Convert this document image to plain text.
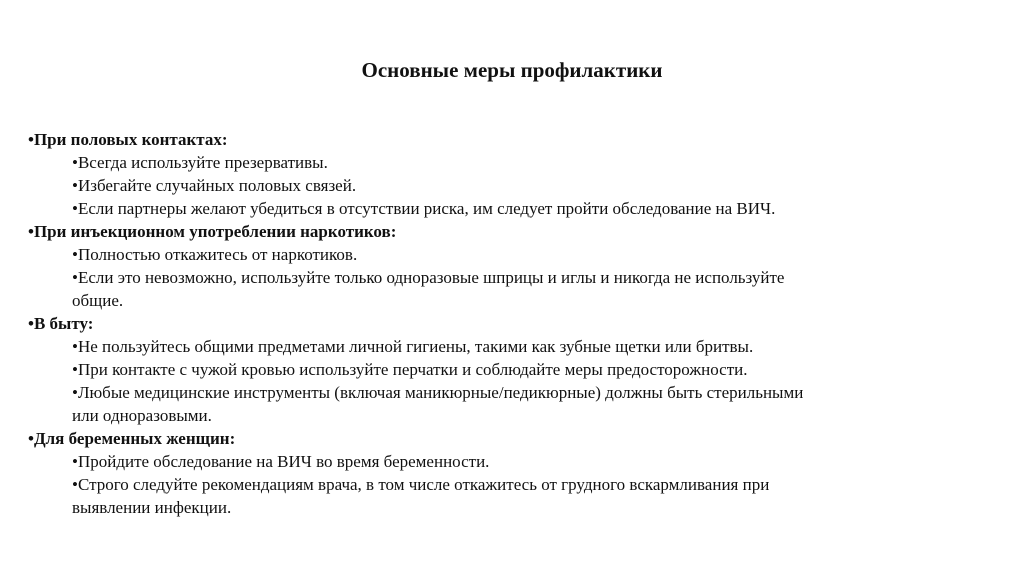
Основные меры профилактики
•При половых контактах:
•Всегда используйте презервативы.
•Избегайте случайных половых связей.
•Если партнеры желают убедиться в отсутствии риска, им следует пройти обследование на ВИЧ.
•При инъекционном употреблении наркотиков:
•Полностью откажитесь от наркотиков.
•Если это невозможно, используйте только одноразовые шприцы и иглы и никогда не используйте
общие.
•В быту:
•Не пользуйтесь общими предметами личной гигиены, такими как зубные щетки или бритвы.
•При контакте с чужой кровью используйте перчатки и соблюдайте меры предосторожности.
•Любые медицинские инструменты (включая маникюрные/педикюрные) должны быть стерильными
или одноразовыми.
•Для беременных женщин:
•Пройдите обследование на ВИЧ во время беременности.
•Строго следуйте рекомендациям врача, в том числе откажитесь от грудного вскармливания при
выявлении инфекции.
